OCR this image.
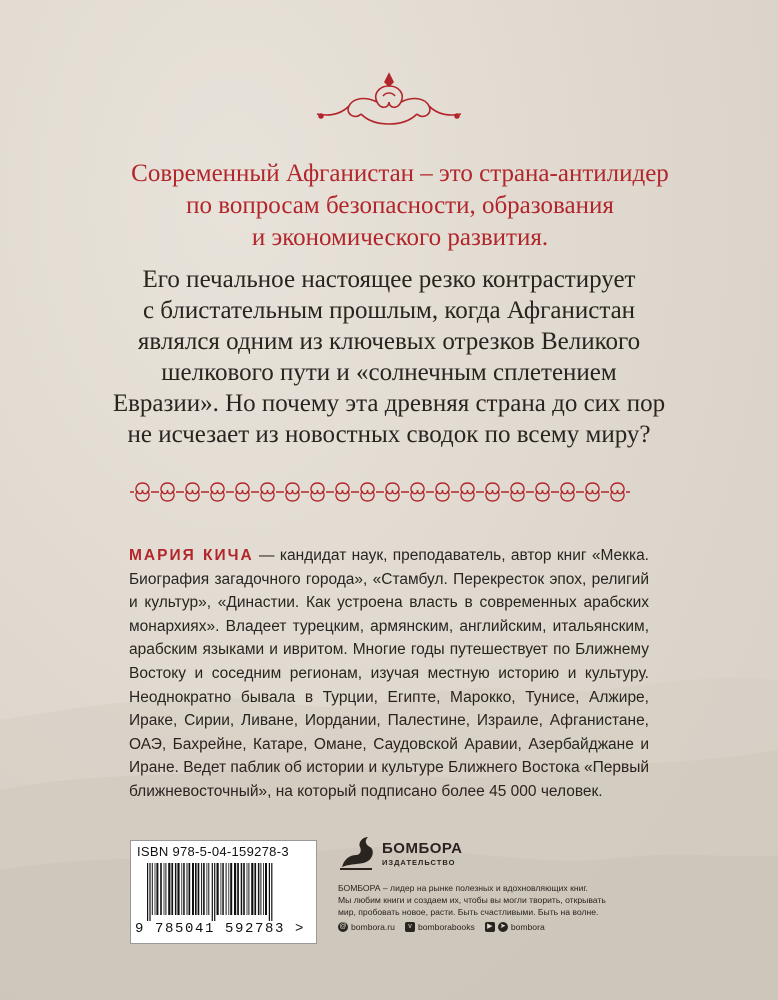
Современный Афганистан – это страна-антилидер

по вопросам безопасности, образования

и экономического развития.

Его печальное настоящее резко контрастирует

с блистательным прошлым, когда Афганистан

являлся одним из ключевых отрезков Великого

шелкового пути и «солнечным сплетением

Евразии». Но почему эта древняя страна до сих пор

не исчезает из новостных сводок по всему миру?

МАРИЯ КИЧА — кандидат наук, преподаватель, автор книг «Мекка. Биография загадочного города», «Стамбул. Перекресток эпох, религий и культур», «Династии. Как устроена власть в современных арабских монархиях». Владеет турецким, армянским, английским, итальянским, арабским языками и ивритом. Многие годы путешествует по Ближнему Востоку и соседним регионам, изучая местную историю и культуру. Неоднократно бывала в Турции, Египте, Марокко, Тунисе, Алжире, Ираке, Сирии, Ливане, Иордании, Палестине, Израиле, Афганистане, ОАЭ, Бахрейне, Катаре, Омане, Саудовской Аравии, Азербайджане и Иране. Ведет паблик об истории и культуре Ближнего Востока «Первый ближневосточный», на который подписано более 45 000 человек.
ISBN 978-5-04-159278-3
9 785041 592783 >
БОМБОРА
ИЗДАТЕЛЬСТВО

БОМБОРА – лидер на рынке полезных и вдохновляющих книг.

Мы любим книги и создаем их, чтобы вы могли творить, открывать

мир, пробовать новое, расти. Быть счастливыми. Быть на волне.

@ bombora.ru	v bomborabooks	▶	➤ bombora
